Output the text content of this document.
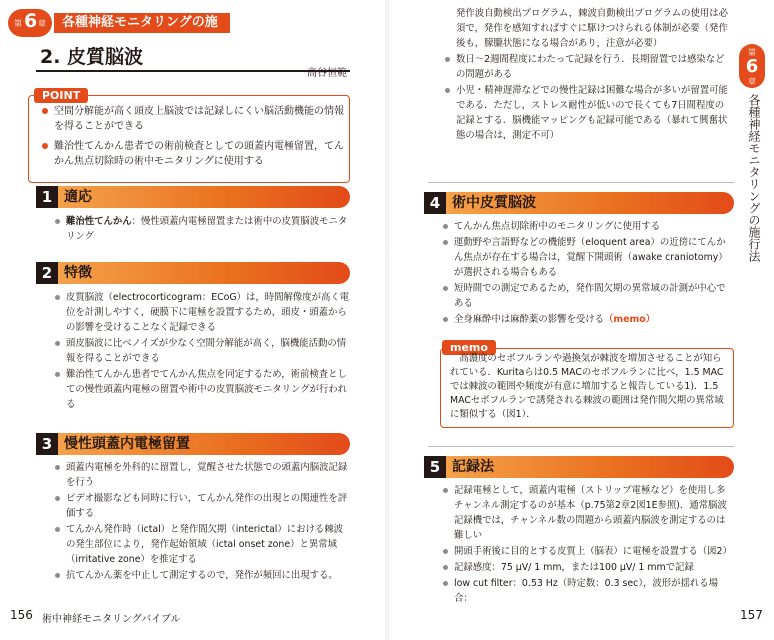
第 6 章	各種神経モニタリングの施行法
2. 皮質脳波
高谷恒範
POINT
空間分解能が高く頭皮上脳波では記録しにくい脳活動機能の情報を得ることができる
難治性てんかん患者での術前検査としての頭蓋内電極留置，てんかん焦点切除時の術中モニタリングに使用する
1 適応
難治性てんかん：慢性頭蓋内電極留置または術中の皮質脳波モニタリング
2 特徴
皮質脳波（electrocorticogram：ECoG）は，時間解像度が高く電位を計測しやすく，硬膜下に電極を設置するため，頭皮・頭蓋からの影響を受けることなく記録できる
頭皮脳波に比べノイズが少なく空間分解能が高く，脳機能活動の情報を得ることができる
難治性てんかん患者でてんかん焦点を同定するため，術前検査としての慢性頭蓋内電極の留置や術中の皮質脳波モニタリングが行われる
3 慢性頭蓋内電極留置
頭蓋内電極を外科的に留置し，覚醒させた状態での頭蓋内脳波記録を行う
ビデオ撮影なども同時に行い，てんかん発作の出現との関連性を評価する
てんかん発作時（ictal）と発作間欠期（interictal）における棘波の発生部位により，発作起始領域（ictal onset zone）と異常域（irritative zone）を推定する
抗てんかん薬を中止して測定するので，発作が頻回に出現する。
156 術中神経モニタリングバイブル
発作波自動検出プログラム，棘波自動検出プログラムの使用は必須で，発作を感知すればすぐに駆けつけられる体制が必要（発作後も，朦朧状態になる場合があり，注意が必要）
数日〜2週間程度にわたって記録を行う．長期留置では感染などの問題がある
小児・精神遅滞などでの慢性記録は困難な場合が多いが留置可能である．ただし，ストレス耐性が低いので長くても7日間程度の記録とする．脳機能マッピングも記録可能である（暴れて興奮状態の場合は，測定不可）
4 術中皮質脳波
てんかん焦点切除術中のモニタリングに使用する
運動野や言語野などの機能野（eloquent area）の近傍にてんかん焦点が存在する場合は，覚醒下開頭術（awake craniotomy）が選択される場合もある
短時間での測定であるため，発作間欠期の異常域の計測が中心である
全身麻酔中は麻酔薬の影響を受ける（memo）
memo
高濃度のセボフルランや過換気が棘波を増加させることが知られている．Kuritaらは0.5 MACのセボフルランに比べ，1.5 MACでは棘波の範囲や頻度が有意に増加すると報告している1)．1.5 MACセボフルランで誘発される棘波の範囲は発作間欠期の異常域に類似する（図1）．
5 記録法
記録電極として，頭蓋内電極（ストリップ電極など）を使用し多チャンネル測定するのが基本（p.75第2章2図1E参照)．通常脳波記録機では，チャンネル数の問題から頭蓋内脳波を測定するのは難しい
開頭手術後に目的とする皮質上（脳表）に電極を設置する（図2）
記録感度：75 μV/ 1 mm，または100 μV/ 1 mmで記録
low cut filter：0.53 Hz（時定数：0.3 sec），波形が揺れる場合：
157
第
6
章
各種神経モニタリングの施行法
